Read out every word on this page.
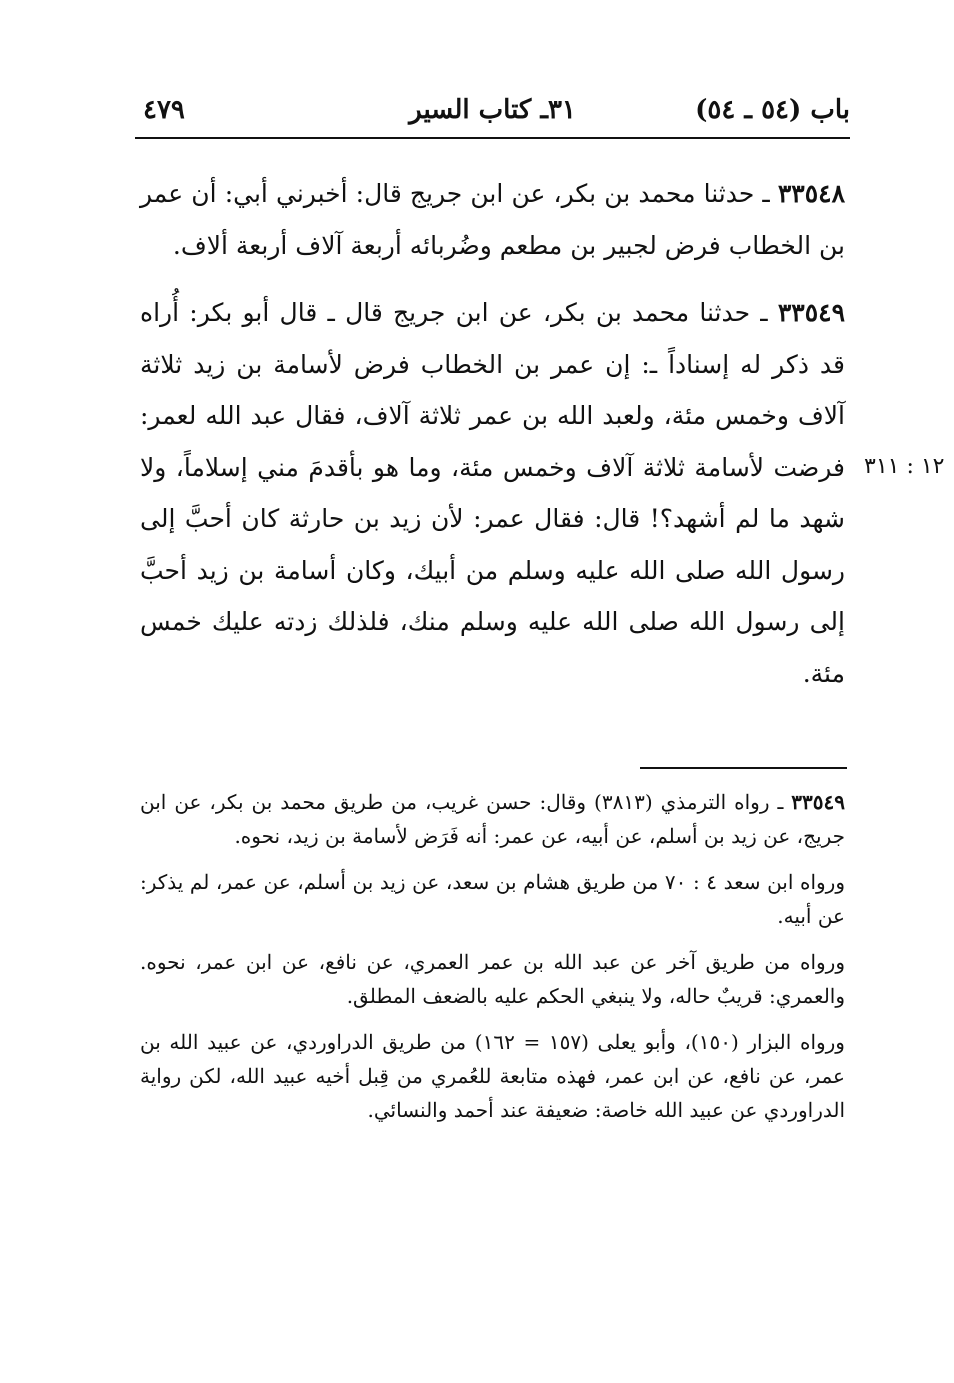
باب (٥٤ ـ ٥٤)
٣١ـ كتاب السير
٤٧٩
١٢ : ٣١١

٣٣٥٤٨ ـ حدثنا محمد بن بكر، عن ابن جريج قال: أخبرني أبي: أن عمر بن الخطاب فرض لجبير بن مطعم وضُربائه أربعة آلاف أربعة ألاف.

٣٣٥٤٩ ـ حدثنا محمد بن بكر، عن ابن جريج قال ـ قال أبو بكر: أُراه قد ذكر له إسناداً ـ: إن عمر بن الخطاب فرض لأسامة بن زيد ثلاثة آلاف وخمس مئة، ولعبد الله بن عمر ثلاثة آلاف، فقال عبد الله لعمر: فرضت لأسامة ثلاثة آلاف وخمس مئة، وما هو بأقدمَ مني إسلاماً، ولا شهد ما لم أشهد؟! قال: فقال عمر: لأن زيد بن حارثة كان أحبَّ إلى رسول الله صلى الله عليه وسلم من أبيك، وكان أسامة بن زيد أحبَّ إلى رسول الله صلى الله عليه وسلم منك، فلذلك زدته عليك خمس مئة.

٣٣٥٤٩ ـ رواه الترمذي (٣٨١٣) وقال: حسن غريب، من طريق محمد بن بكر، عن ابن جريج، عن زيد بن أسلم، عن أبيه، عن عمر: أنه فَرَض لأسامة بن زيد، نحوه.

ورواه ابن سعد ٤ : ٧٠ من طريق هشام بن سعد، عن زيد بن أسلم، عن عمر، لم يذكر: عن أبيه.

ورواه من طريق آخر عن عبد الله بن عمر العمري، عن نافع، عن ابن عمر، نحوه. والعمري: قريبٌ حاله، ولا ينبغي الحكم عليه بالضعف المطلق.

ورواه البزار (١٥٠)، وأبو يعلى (١٥٧ = ١٦٢) من طريق الدراوردي، عن عبيد الله بن عمر، عن نافع، عن ابن عمر، فهذه متابعة للعُمري من قِبل أخيه عبيد الله، لكن رواية الدراوردي عن عبيد الله خاصة: ضعيفة عند أحمد والنسائي.
